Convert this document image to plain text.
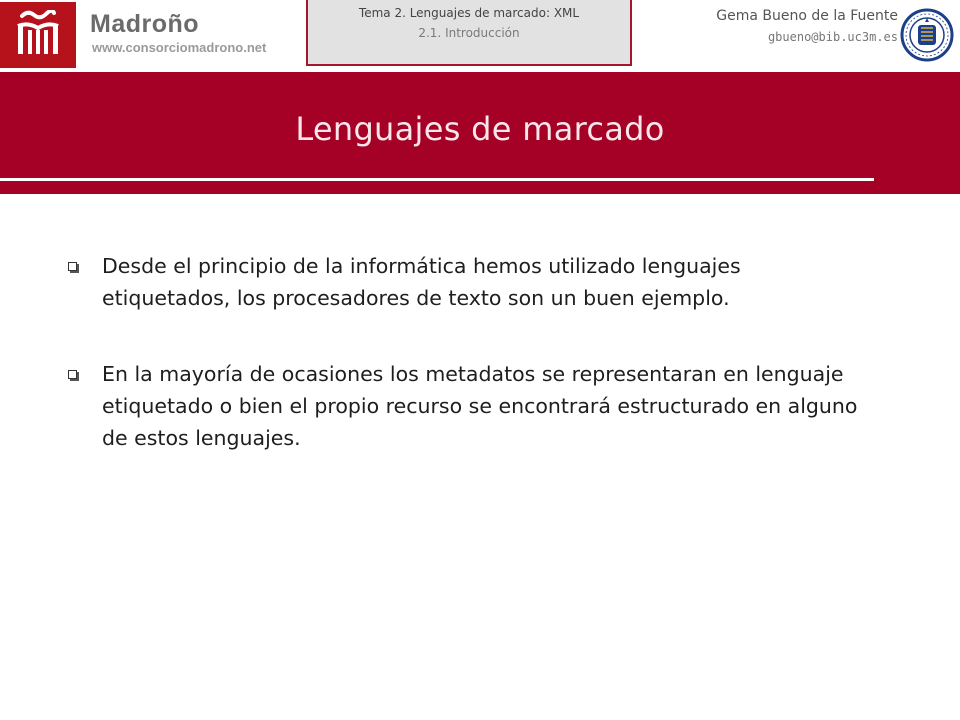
Madroño
www.consorciomadrono.net
Tema 2. Lenguajes de marcado: XML
2.1. Introducción
Gema Bueno de la Fuente
gbueno@bib.uc3m.es
Lenguajes de marcado
Desde el principio de la informática hemos utilizado lenguajes etiquetados, los procesadores de texto son un buen ejemplo.
En la mayoría de ocasiones los metadatos se representaran en lenguaje etiquetado o bien el propio recurso se encontrará estructurado en alguno de estos lenguajes.
